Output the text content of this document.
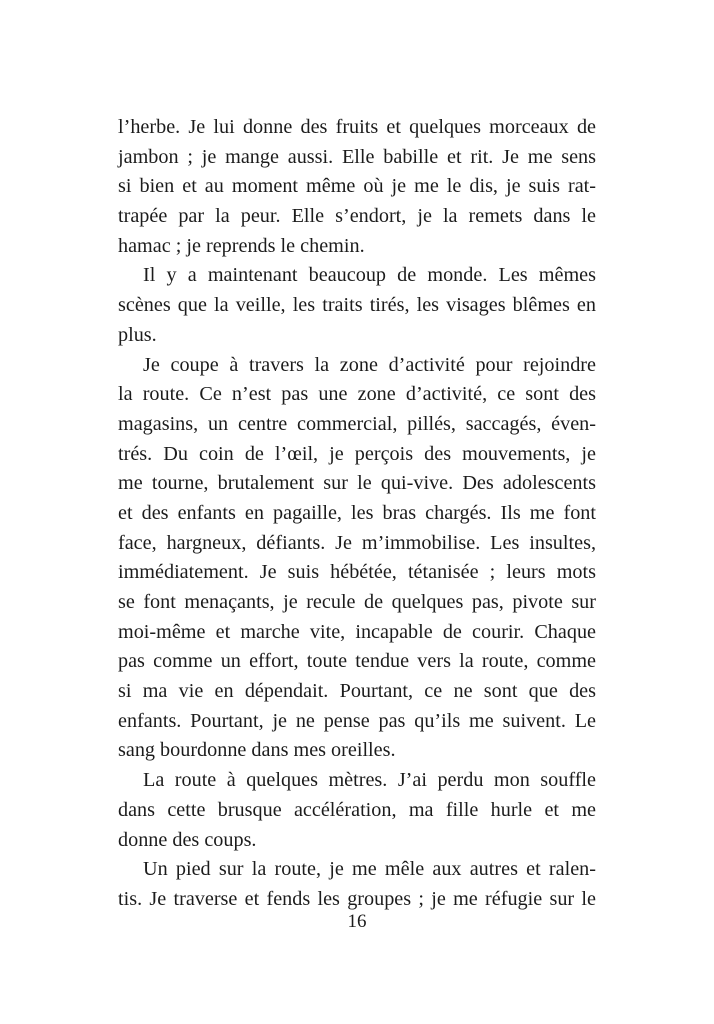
l’herbe. Je lui donne des fruits et quelques morceaux de
jambon ; je mange aussi. Elle babille et rit. Je me sens
si bien et au moment même où je me le dis, je suis rat-
trapée par la peur. Elle s’endort, je la remets dans le
hamac ; je reprends le chemin.
Il y a maintenant beaucoup de monde. Les mêmes
scènes que la veille, les traits tirés, les visages blêmes en
plus.
Je coupe à travers la zone d’activité pour rejoindre
la route. Ce n’est pas une zone d’activité, ce sont des
magasins, un centre commercial, pillés, saccagés, éven-
trés. Du coin de l’œil, je perçois des mouvements, je
me tourne, brutalement sur le qui-vive. Des adolescents
et des enfants en pagaille, les bras chargés. Ils me font
face, hargneux, défiants. Je m’immobilise. Les insultes,
immédiatement. Je suis hébétée, tétanisée ; leurs mots
se font menaçants, je recule de quelques pas, pivote sur
moi-même et marche vite, incapable de courir. Chaque
pas comme un effort, toute tendue vers la route, comme
si ma vie en dépendait. Pourtant, ce ne sont que des
enfants. Pourtant, je ne pense pas qu’ils me suivent. Le
sang bourdonne dans mes oreilles.
La route à quelques mètres. J’ai perdu mon souffle
dans cette brusque accélération, ma fille hurle et me
donne des coups.
Un pied sur la route, je me mêle aux autres et ralen-
tis. Je traverse et fends les groupes ; je me réfugie sur le
16
